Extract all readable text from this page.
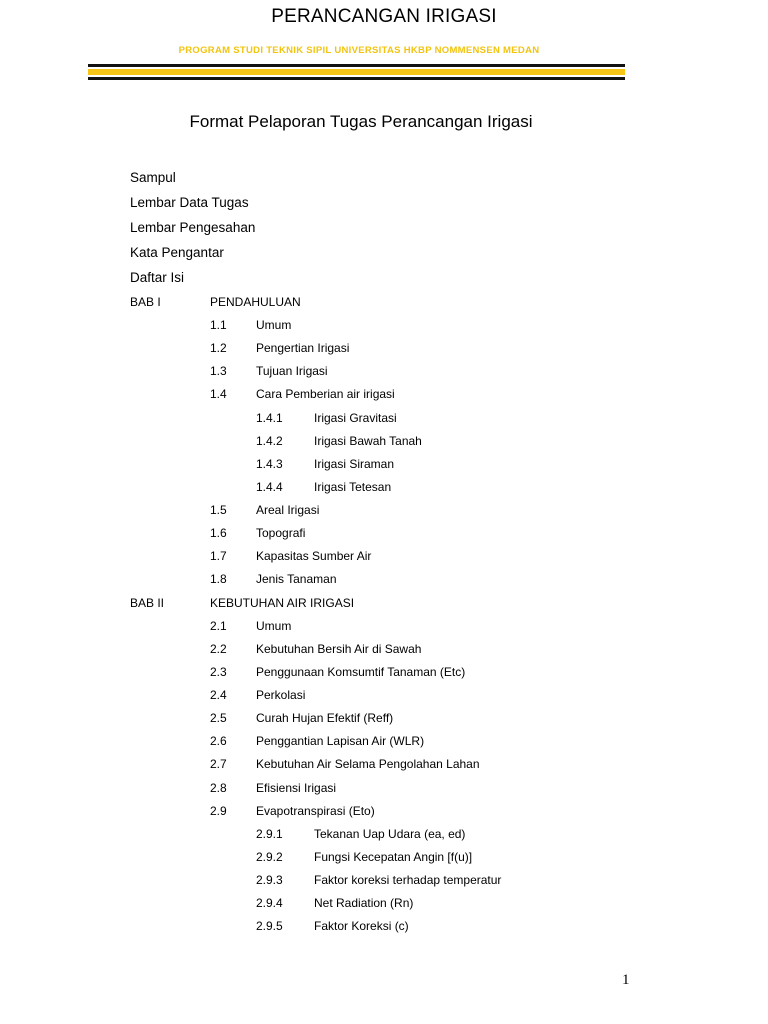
PERANCANGAN IRIGASI
PROGRAM STUDI TEKNIK SIPIL UNIVERSITAS HKBP NOMMENSEN MEDAN
Format Pelaporan Tugas Perancangan Irigasi
Sampul
Lembar Data Tugas
Lembar Pengesahan
Kata Pengantar
Daftar Isi
BAB I	PENDAHULUAN
1.1 Umum
1.2 Pengertian Irigasi
1.3 Tujuan Irigasi
1.4 Cara Pemberian air irigasi
1.4.1	Irigasi Gravitasi
1.4.2	Irigasi Bawah Tanah
1.4.3	Irigasi Siraman
1.4.4	Irigasi Tetesan
1.5 Areal Irigasi
1.6 Topografi
1.7 Kapasitas Sumber Air
1.8 Jenis Tanaman
BAB II	KEBUTUHAN AIR IRIGASI
2.1 Umum
2.2 Kebutuhan Bersih Air di Sawah
2.3 Penggunaan Komsumtif Tanaman (Etc)
2.4 Perkolasi
2.5 Curah Hujan Efektif (Reff)
2.6 Penggantian Lapisan Air (WLR)
2.7 Kebutuhan Air Selama Pengolahan Lahan
2.8 Efisiensi Irigasi
2.9 Evapotranspirasi (Eto)
2.9.1	Tekanan Uap Udara (ea, ed)
2.9.2	Fungsi Kecepatan Angin [f(u)]
2.9.3	Faktor koreksi terhadap temperatur
2.9.4	Net Radiation (Rn)
2.9.5	Faktor Koreksi (c)
1
